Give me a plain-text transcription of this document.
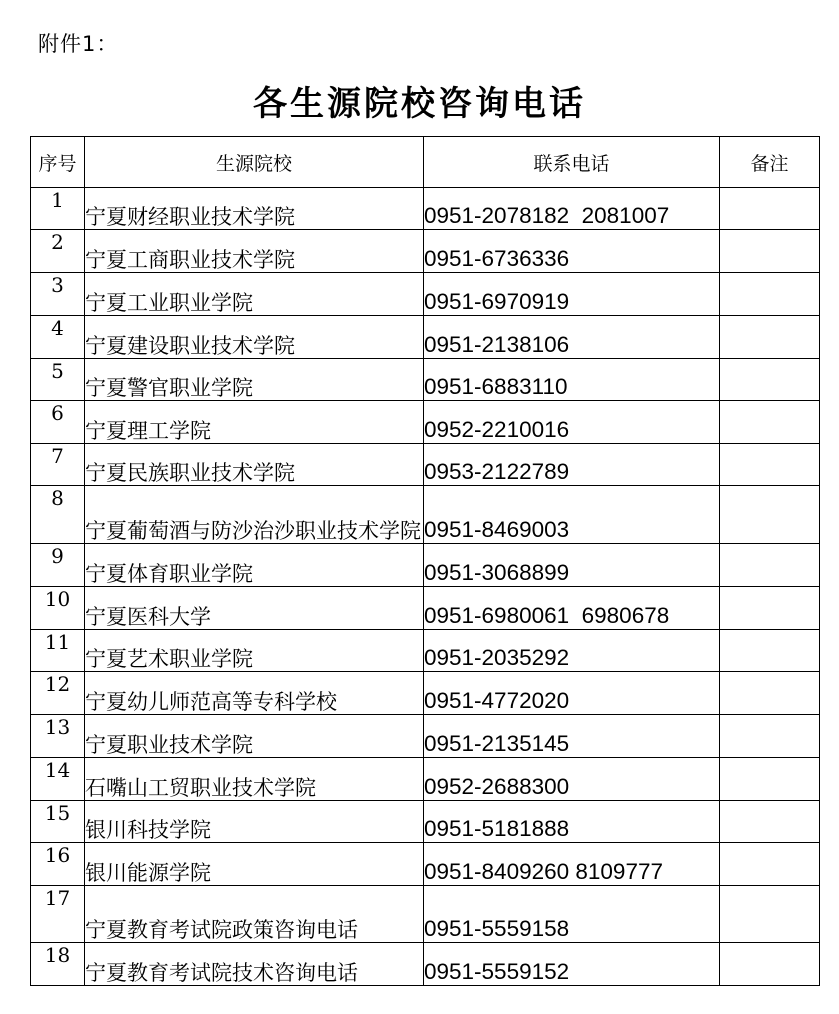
附件1：
各生源院校咨询电话
序号	生源院校	联系电话	备注
1	宁夏财经职业技术学院	0951-2078182  2081007	
2	宁夏工商职业技术学院	0951-6736336	
3	宁夏工业职业学院	0951-6970919	
4	宁夏建设职业技术学院	0951-2138106	
5	宁夏警官职业学院	0951-6883110	
6	宁夏理工学院	0952-2210016	
7	宁夏民族职业技术学院	0953-2122789	
8	宁夏葡萄酒与防沙治沙职业技术学院	0951-8469003	
9	宁夏体育职业学院	0951-3068899	
10	宁夏医科大学	0951-6980061  6980678	
11	宁夏艺术职业学院	0951-2035292	
12	宁夏幼儿师范高等专科学校	0951-4772020	
13	宁夏职业技术学院	0951-2135145	
14	石嘴山工贸职业技术学院	0952-2688300	
15	银川科技学院	0951-5181888	
16	银川能源学院	0951-8409260 8109777	
17	宁夏教育考试院政策咨询电话	0951-5559158	
18	宁夏教育考试院技术咨询电话	0951-5559152	
